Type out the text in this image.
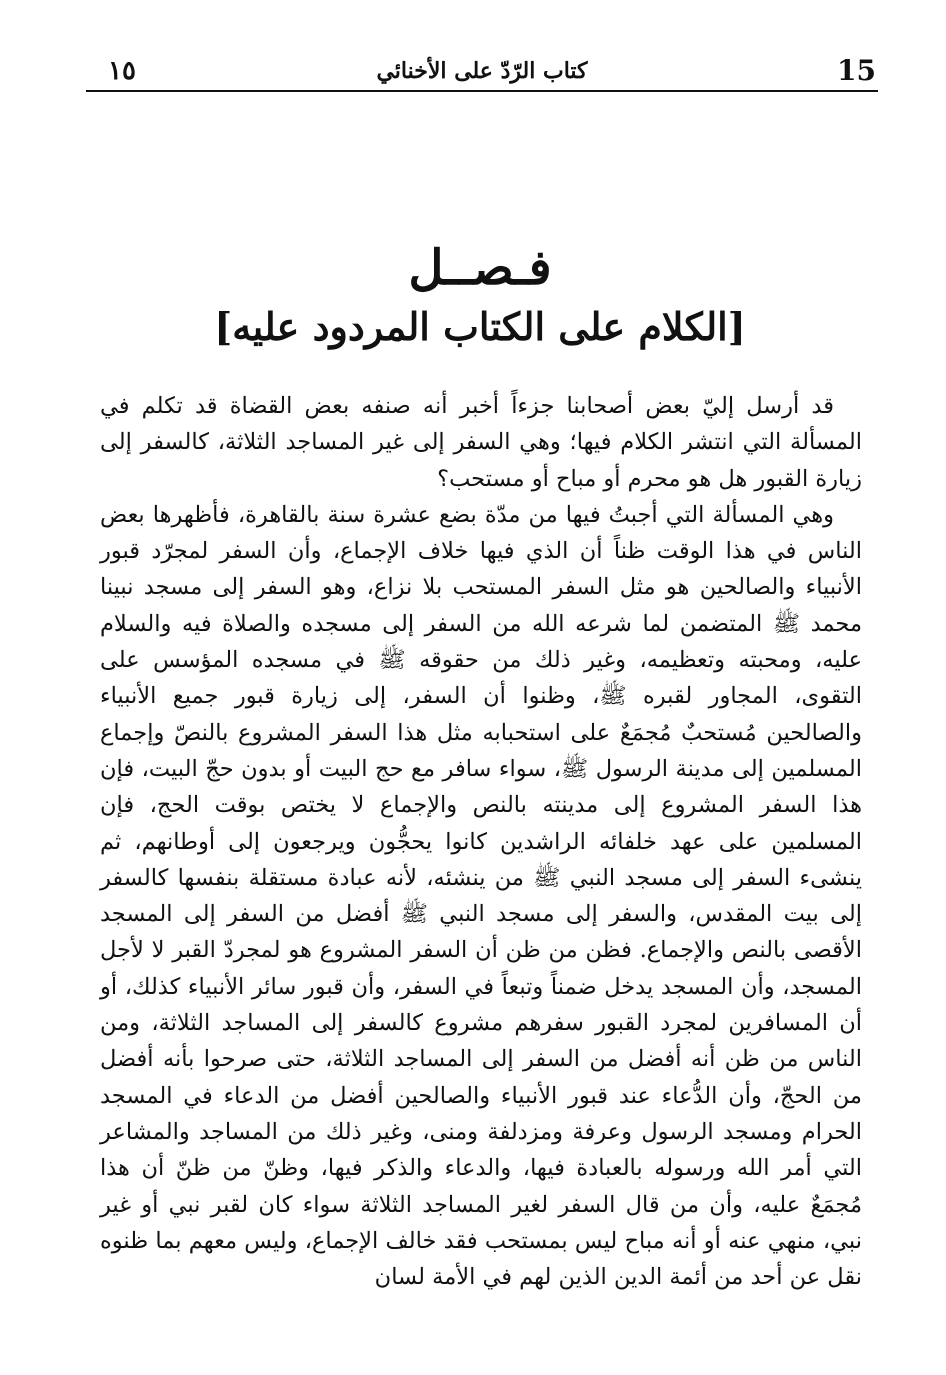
١٥	كتاب الرّدّ على الأخنائي	15
فـصــل
[الكلام على الكتاب المردود عليه]

قد أرسل إليّ بعض أصحابنا جزءاً أخبر أنه صنفه بعض القضاة قد تكلم في المسألة التي انتشر الكلام فيها؛ وهي السفر إلى غير المساجد الثلاثة، كالسفر إلى زيارة القبور هل هو محرم أو مباح أو مستحب؟

وهي المسألة التي أجبتُ فيها من مدّة بضع عشرة سنة بالقاهرة، فأظهرها بعض الناس في هذا الوقت ظناً أن الذي فيها خلاف الإجماع، وأن السفر لمجرّد قبور الأنبياء والصالحين هو مثل السفر المستحب بلا نزاع، وهو السفر إلى مسجد نبينا محمد ﷺ المتضمن لما شرعه الله من السفر إلى مسجده والصلاة فيه والسلام عليه، ومحبته وتعظيمه، وغير ذلك من حقوقه ﷺ في مسجده المؤسس على التقوى، المجاور لقبره ﷺ، وظنوا أن السفر، إلى زيارة قبور جميع الأنبياء والصالحين مُستحبٌ مُجمَعٌ على استحبابه مثل هذا السفر المشروع بالنصّ وإجماع المسلمين إلى مدينة الرسول ﷺ، سواء سافر مع حج البيت أو بدون حجّ البيت، فإن هذا السفر المشروع إلى مدينته بالنص والإجماع لا يختص بوقت الحج، فإن المسلمين على عهد خلفائه الراشدين كانوا يحجُّون ويرجعون إلى أوطانهم، ثم ينشىء السفر إلى مسجد النبي ﷺ من ينشئه، لأنه عبادة مستقلة بنفسها كالسفر إلى بيت المقدس، والسفر إلى مسجد النبي ﷺ أفضل من السفر إلى المسجد الأقصى بالنص والإجماع. فظن من ظن أن السفر المشروع هو لمجردّ القبر لا لأجل المسجد، وأن المسجد يدخل ضمناً وتبعاً في السفر، وأن قبور سائر الأنبياء كذلك، أو أن المسافرين لمجرد القبور سفرهم مشروع كالسفر إلى المساجد الثلاثة، ومن الناس من ظن أنه أفضل من السفر إلى المساجد الثلاثة، حتى صرحوا بأنه أفضل من الحجّ، وأن الدُّعاء عند قبور الأنبياء والصالحين أفضل من الدعاء في المسجد الحرام ومسجد الرسول وعرفة ومزدلفة ومنى، وغير ذلك من المساجد والمشاعر التي أمر الله ورسوله بالعبادة فيها، والدعاء والذكر فيها، وظنّ من ظنّ أن هذا مُجمَعٌ عليه، وأن من قال السفر لغير المساجد الثلاثة سواء كان لقبر نبي أو غير نبي، منهي عنه أو أنه مباح ليس بمستحب فقد خالف الإجماع، وليس معهم بما ظنوه نقل عن أحد من أئمة الدين الذين لهم في الأمة لسان
